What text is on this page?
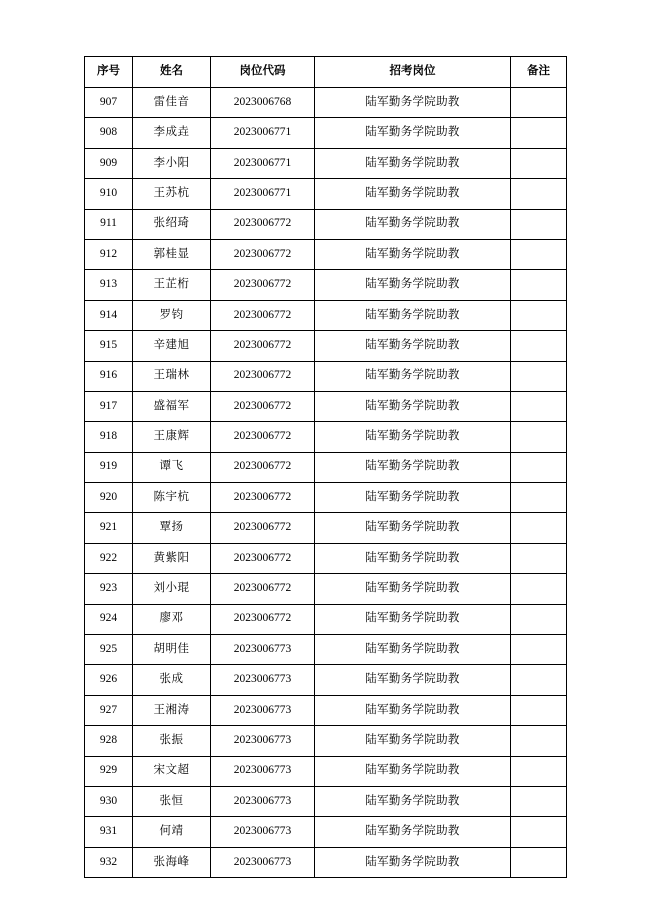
序号	姓名	岗位代码	招考岗位	备注
907	雷佳音	2023006768	陆军勤务学院助教	
908	李成垚	2023006771	陆军勤务学院助教	
909	李小阳	2023006771	陆军勤务学院助教	
910	王苏杭	2023006771	陆军勤务学院助教	
911	张绍琦	2023006772	陆军勤务学院助教	
912	郭桂显	2023006772	陆军勤务学院助教	
913	王芷桁	2023006772	陆军勤务学院助教	
914	罗钧	2023006772	陆军勤务学院助教	
915	辛建旭	2023006772	陆军勤务学院助教	
916	王瑞林	2023006772	陆军勤务学院助教	
917	盛福军	2023006772	陆军勤务学院助教	
918	王康辉	2023006772	陆军勤务学院助教	
919	谭飞	2023006772	陆军勤务学院助教	
920	陈宇杭	2023006772	陆军勤务学院助教	
921	覃扬	2023006772	陆军勤务学院助教	
922	黄紫阳	2023006772	陆军勤务学院助教	
923	刘小琨	2023006772	陆军勤务学院助教	
924	廖邓	2023006772	陆军勤务学院助教	
925	胡明佳	2023006773	陆军勤务学院助教	
926	张成	2023006773	陆军勤务学院助教	
927	王湘涛	2023006773	陆军勤务学院助教	
928	张振	2023006773	陆军勤务学院助教	
929	宋文超	2023006773	陆军勤务学院助教	
930	张恒	2023006773	陆军勤务学院助教	
931	何靖	2023006773	陆军勤务学院助教	
932	张海峰	2023006773	陆军勤务学院助教	
